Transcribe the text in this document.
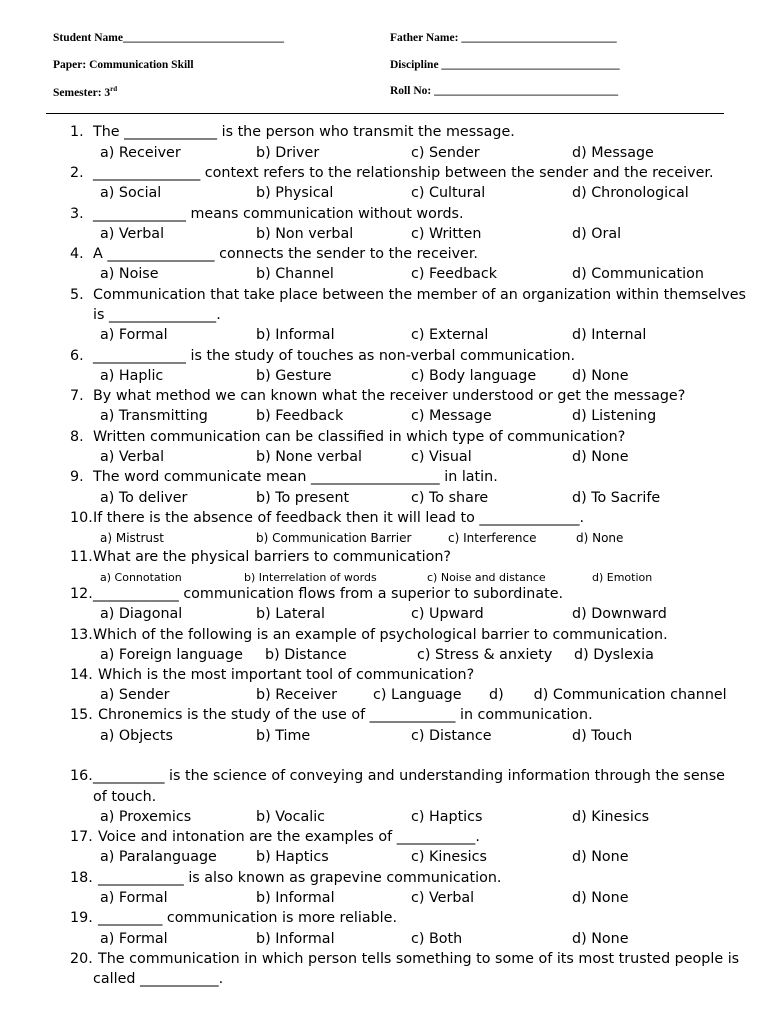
Student Name____________________________	Father Name: ___________________________
Paper: Communication Skill	Discipline _______________________________
Semester: 3rd	Roll No: ________________________________
1. The _____________ is the person who transmit the message.
a) Receiver	b) Driver	c) Sender	d) Message
2. _______________ context refers to the relationship between the sender and the receiver.
a) Social	b) Physical	c) Cultural	d) Chronological
3. _____________ means communication without words.
a) Verbal	b) Non verbal	c) Written	d) Oral
4. A _______________ connects the sender to the receiver.
a) Noise	b) Channel	c) Feedback	d) Communication
5. Communication that take place between the member of an organization within themselves
is _______________.
a) Formal	b) Informal	c) External	d) Internal
6. _____________ is the study of touches as non-verbal communication.
a) Haplic	b) Gesture	c) Body language	d) None
7. By what method we can known what the receiver understood or get the message?
a) Transmitting	b) Feedback	c) Message	d) Listening
8. Written communication can be classified in which type of communication?
a) Verbal	b) None verbal	c) Visual	d) None
9. The word communicate mean __________________ in latin.
a) To deliver	b) To present	c) To share	d) To Sacrife
10. If there is the absence of feedback then it will lead to ______________.
a) Mistrust	b) Communication Barrier	c) Interference	d) None
11. What are the physical barriers to communication?
a) Connotation	b) Interrelation of words	c) Noise and distance	d) Emotion
12. ____________ communication flows from a superior to subordinate.
a) Diagonal	b) Lateral	c) Upward	d) Downward
13. Which of the following is an example of psychological barrier to communication.
a) Foreign language b) Distance	c) Stress & anxiety d) Dyslexia
14. Which is the most important tool of communication?
a) Sender	b) Receiver	c) Language d) d) Communication channel
15. Chronemics is the study of the use of ____________ in communication.
a) Objects	b) Time	c) Distance	d) Touch
16. __________ is the science of conveying and understanding information through the sense
of touch.
a) Proxemics	b) Vocalic	c) Haptics	d) Kinesics
17. Voice and intonation are the examples of ___________.
a) Paralanguage	b) Haptics	c) Kinesics	d) None
18. ____________ is also known as grapevine communication.
a) Formal	b) Informal	c) Verbal	d) None
19. _________ communication is more reliable.
a) Formal	b) Informal	c) Both	d) None
20. The communication in which person tells something to some of its most trusted people is
called ___________.
